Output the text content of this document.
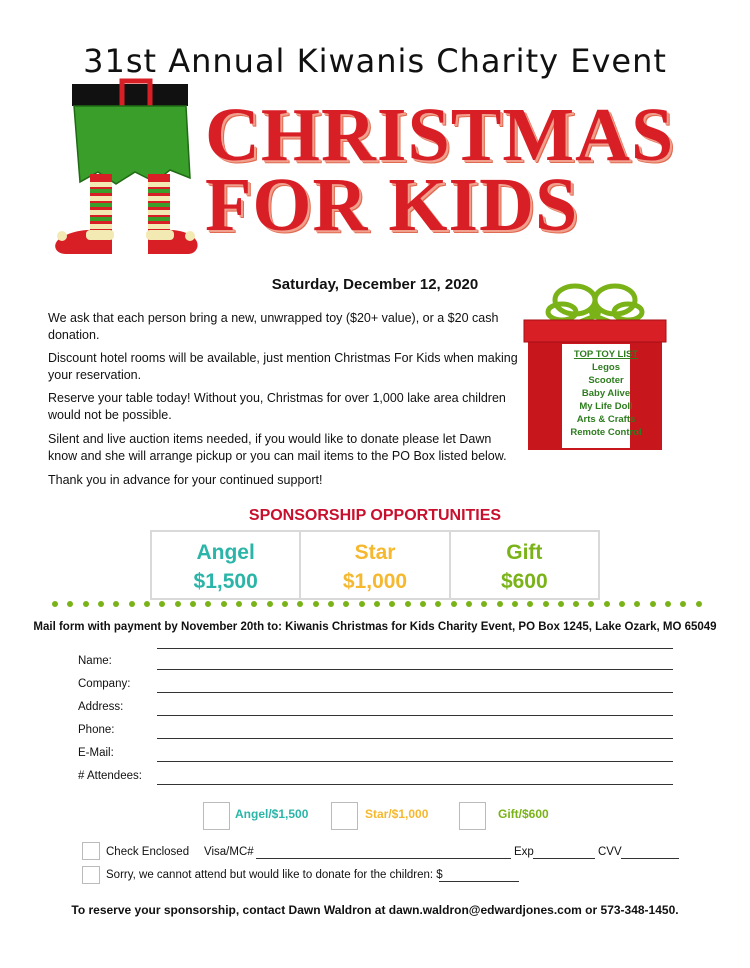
31st Annual Kiwanis Charity Event
CHRISTMAS
FOR KIDS
Saturday, December 12, 2020
We ask that each person bring a new, unwrapped toy ($20+ value), or a $20 cash donation.
Discount hotel rooms will be available, just mention Christmas For Kids when making your reservation.
Reserve your table today! Without you, Christmas for over 1,000 lake area children would not be possible.
Silent and live auction items needed, if you would like to donate please let Dawn know and she will arrange pickup or you can mail items to the PO Box listed below.
Thank you in advance for your continued support!
TOP TOY LIST
Legos
Scooter
Baby Alive
My Life Doll
Arts & Crafts
Remote Control
SPONSORSHIP OPPORTUNITIES
Angel
$1,500
Star
$1,000
Gift
$600
Mail form with payment by November 20th to: Kiwanis Christmas for Kids Charity Event, PO Box 1245, Lake Ozark, MO 65049
Name:
Company:
Address:
Phone:
E-Mail:
# Attendees:
Angel/$1,500	Star/$1,000	Gift/$600
Check Enclosed Visa/MC#	Exp	CVV
Sorry, we cannot attend but would like to donate for the children: $
To reserve your sponsorship, contact Dawn Waldron at dawn.waldron@edwardjones.com or 573-348-1450.
